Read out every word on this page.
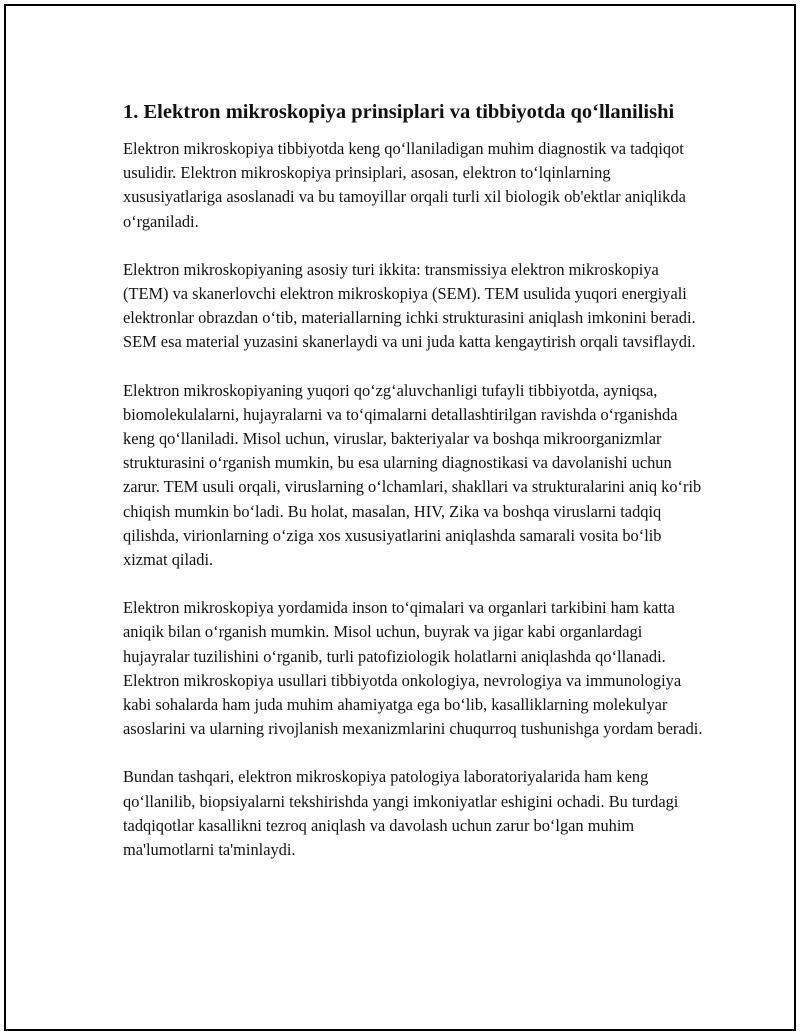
1. Elektron mikroskopiya prinsiplari va tibbiyotda qo‘llanilishi

Elektron mikroskopiya tibbiyotda keng qo‘llaniladigan muhim diagnostik va tadqiqot usulidir. Elektron mikroskopiya prinsiplari, asosan, elektron to‘lqinlarning xususiyatlariga asoslanadi va bu tamoyillar orqali turli xil biologik ob'ektlar aniqlikda o‘rganiladi.

Elektron mikroskopiyaning asosiy turi ikkita: transmissiya elektron mikroskopiya (TEM) va skanerlovchi elektron mikroskopiya (SEM). TEM usulida yuqori energiyali elektronlar obrazdan o‘tib, materiallarning ichki strukturasini aniqlash imkonini beradi. SEM esa material yuzasini skanerlaydi va uni juda katta kengaytirish orqali tavsiflaydi.

Elektron mikroskopiyaning yuqori qo‘zg‘aluvchanligi tufayli tibbiyotda, ayniqsa, biomolekulalarni, hujayralarni va to‘qimalarni detallashtirilgan ravishda o‘rganishda keng qo‘llaniladi. Misol uchun, viruslar, bakteriyalar va boshqa mikroorganizmlar strukturasini o‘rganish mumkin, bu esa ularning diagnostikasi va davolanishi uchun zarur. TEM usuli orqali, viruslarning o‘lchamlari, shakllari va strukturalarini aniq ko‘rib chiqish mumkin bo‘ladi. Bu holat, masalan, HIV, Zika va boshqa viruslarni tadqiq qilishda, virionlarning o‘ziga xos xususiyatlarini aniqlashda samarali vosita bo‘lib xizmat qiladi.

Elektron mikroskopiya yordamida inson to‘qimalari va organlari tarkibini ham katta aniqik bilan o‘rganish mumkin. Misol uchun, buyrak va jigar kabi organlardagi hujayralar tuzilishini o‘rganib, turli patofiziologik holatlarni aniqlashda qo‘llanadi. Elektron mikroskopiya usullari tibbiyotda onkologiya, nevrologiya va immunologiya kabi sohalarda ham juda muhim ahamiyatga ega bo‘lib, kasalliklarning molekulyar asoslarini va ularning rivojlanish mexanizmlarini chuqurroq tushunishga yordam beradi.

Bundan tashqari, elektron mikroskopiya patologiya laboratoriyalarida ham keng qo‘llanilib, biopsiyalarni tekshirishda yangi imkoniyatlar eshigini ochadi. Bu turdagi tadqiqotlar kasallikni tezroq aniqlash va davolash uchun zarur bo‘lgan muhim ma'lumotlarni ta'minlaydi.
